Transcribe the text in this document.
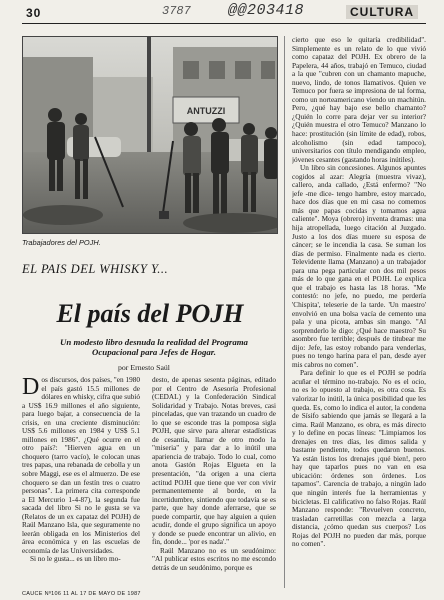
30	3787 @@203418	CULTURA
ANTUZZI
Trabajadores del POJH.
EL PAIS DEL WHISKY Y...
El país del POJH
Un modesto libro desnuda la realidad del Programa Ocupacional para Jefes de Hogar.
por Ernesto Saúl

Dos discursos, dos países, "en 1980 el país gastó 15.5 millones de dólares en whisky, cifra que subió a US$ 16.9 millones el año siguiente, para luego bajar, a consecuencia de la crisis, en una creciente disminución: US$ 5.6 millones en 1984 y US$ 5.1 millones en 1986". ¿Qué ocurre en el otro país?: "Hierven agua en un choquero (tarro vacío), le colocan unas tres papas, una rebanada de cebolla y un sobre Maggi, ese es el almuerzo. De ese choquero se dan un festín tres o cuatro personas". La primera cita corresponde a El Mercurio 1-4-87), la segunda fue sacada del libro Si no le gusta se va (Relatos de un ex capataz del POJH) de Raúl Manzano Isla, que seguramente no leerán obligada en los Ministerios del área económica y en las escuelas de economía de las Universidades.

Si no le gusta... es un libro mo-

desto, de apenas sesenta páginas, editado por el Centro de Asesoría Profesional (CEDAL) y la Confederación Sindical Solidaridad y Trabajo. Notas breves, casi pinceladas, que van trazando un cuadro de lo que se esconde tras la pomposa sigla POJH, que sirve para alterar estadísticas de cesantía, llamar de otro modo la "miseria" y para dar a lo inútil una apariencia de trabajo. Todo lo cual, como anota Gastón Rojas Elgueta en la presentación, "da origen a una cierta actitud POJH que tiene que ver con vivir permanentemente al borde, en la incertidumbre, sintiendo que todavía se es parte, que hay donde aferrarse, que se puede compartir, que hay alguien a quien acudir, donde el grupo significa un apoyo y donde se puede encontrar un alivio, en fin, donde... 'por es nada'."

Raúl Manzano no es un seudónimo: "Al publicar estos escritos no me escondo detrás de un seudónimo, porque es

cierto que eso le quitaría credibilidad". Simplemente es un relato de lo que vivió como capataz del POJH. Ex obrero de la Papelera, 44 años, trabajó en Temuco, ciudad a la que "cubren con un chamanto mapuche, nuevo, lindo, de tonos llamativos. Quien ve Temuco por fuera se impresiona de tal forma, como un norteamericano viendo un machitún. Pero, ¿qué hay bajo ese bello chamanto? ¿Quién lo corre para dejar ver su interior? ¿Quién muestra el otro Temuco? Manzano lo hace: prostitución (sin límite de edad), robos, alcoholismo (sin edad tampoco), universitarios con título mendigando empleo, jóvenes cesantes (gastando horas inútiles).

Un libro sin concesiones. Algunos apuntes cogidos al azar: Alegría (muestra vivaz), callero, anda callado, ¿Está enfermo? "No jefe -me dice- tengo hambre, estoy marcado, hace dos días que en mi casa no comemos más que papas cocidas y tomamos agua caliente". Moya (obrero) inventa dramas: una hija atropellada, luego citación al Juzgado. Justo a los dos días muere su esposa de cáncer; se le incendia la casa. Se suman los días de permiso. Finalmente nada es cierto. Televidente llama (Manzano) a un trabajador para una pega particular con dos mil pesos más de lo que gana en el POJH. Le explica que el trabajo es hasta las 18 horas. "Me contestó: no jefe, no puedo, me perdería 'Chispita', teleserie de la tarde. 'Un maestro' envolvió en una bolsa vacía de cemento una pala y una picota, ambas sin mango. "Al sorprenderlo le digo: ¿Qué hace maestro? Su asombro fue terrible; después de titubear me dijo: Jefe, las estoy robando para venderlas, pues no tengo harina para el pan, desde ayer mis cabros no comen".

Para definir lo que es el POJH se podría acuñar el término no-trabajo. No es el ocio, no es lo opuesto al trabajo, es otra cosa. Es valorizar lo inútil, la única posibilidad que les queda. Es, como lo indica el autor, la condena de Sísifo sabiendo que jamás se llegará a la cima. Raúl Manzano, es obra, es más directo y lo define en pocas líneas: "Limpiamos los drenajes en tres días, les dimos salida y bastante pendiente, todos quedaron buenos. Ya están listos los drenajes ¡qué bien!, pero hay que taparlos pues no van en esa ubicación: órdenes son órdenes. Los tapamos". Carencia de trabajo, a ningún lado que ningún interés fue la herramientas y bicicletas. El calificativo no falso Rojas. Raúl Manzano responde: "Revuelven concreto, trasladan carretillas con mezcla a larga distancia, ¿cómo quedan sus cuerpos? Los Rojas del POJH no pueden dar más, porque no comen".

CAUCE Nº106 11 AL 17 DE MAYO DE 1987
